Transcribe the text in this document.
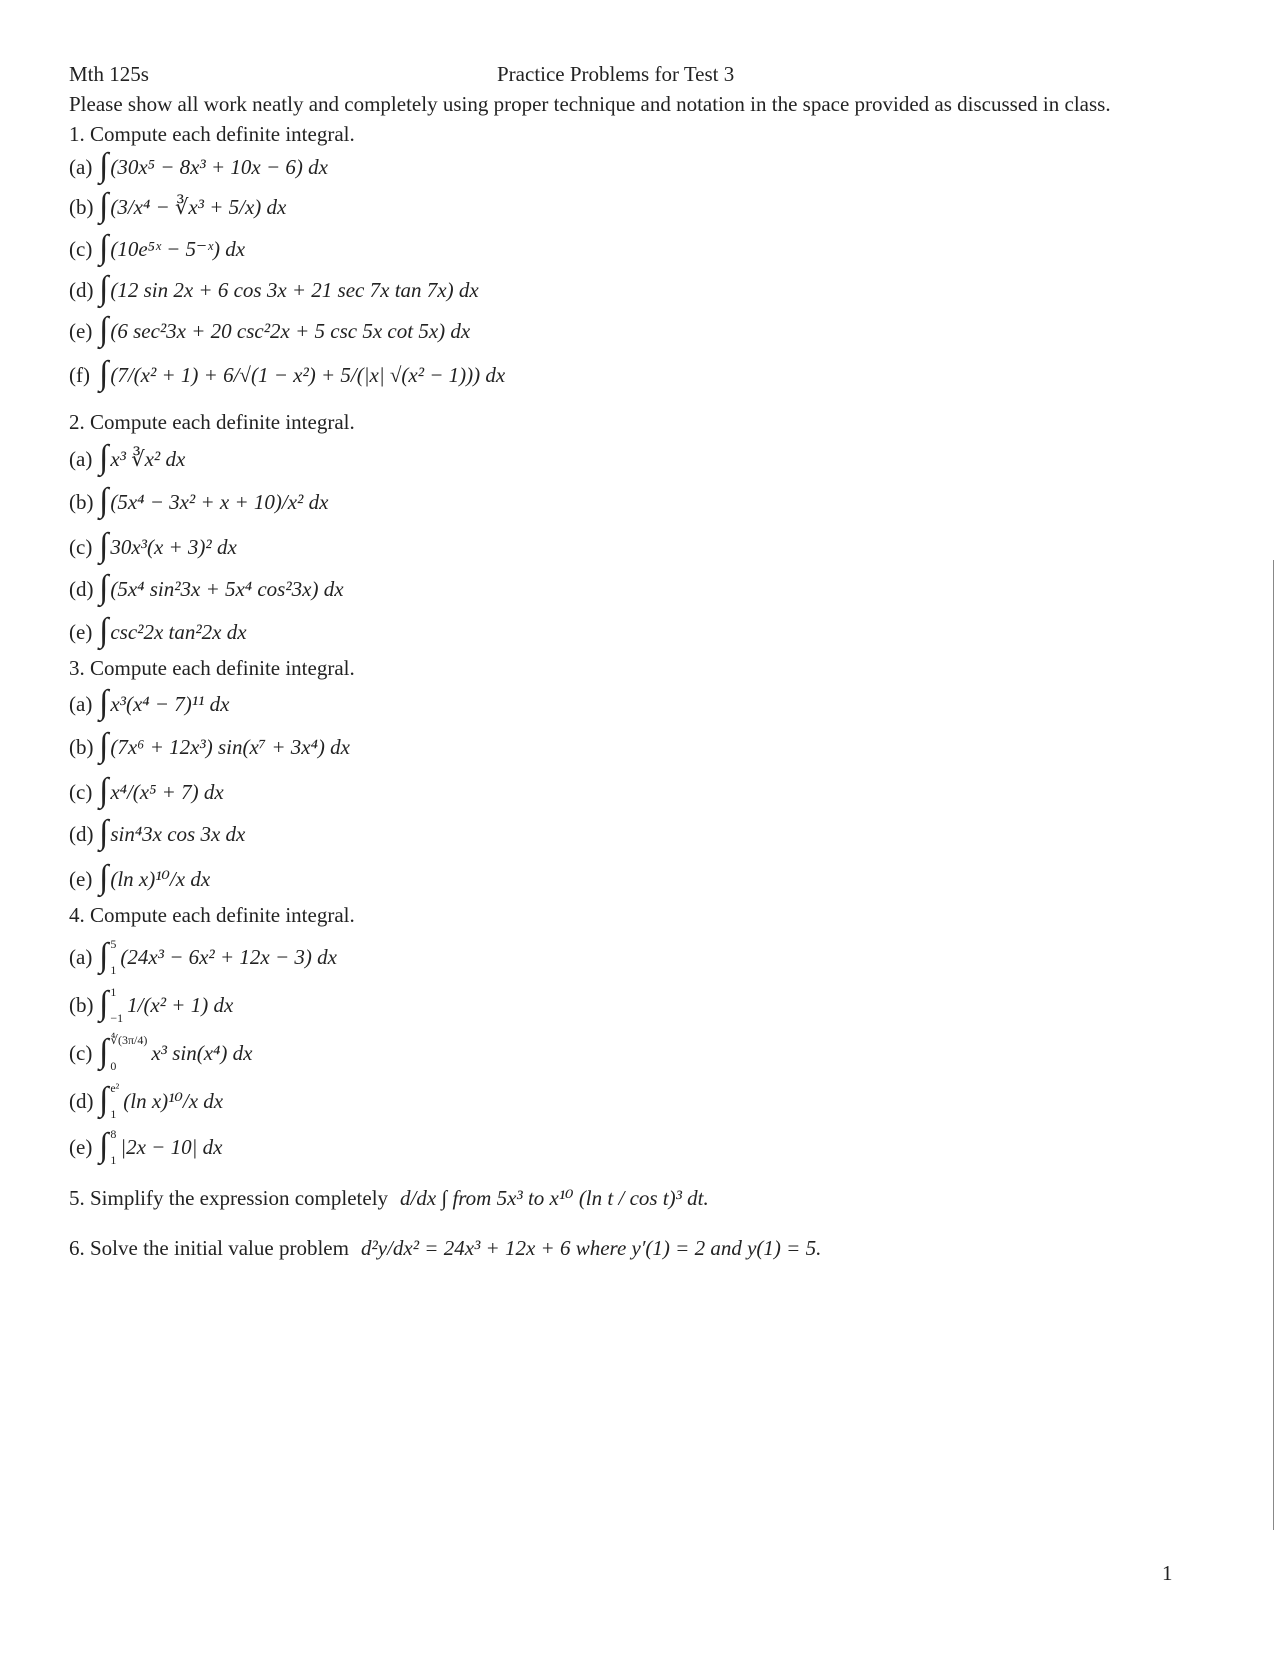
Mth 125s	Practice Problems for Test 3
Please show all work neatly and completely using proper technique and notation in the space provided as discussed in class.
1. Compute each definite integral.
(a) ∫ (30x⁵ − 8x³ + 10x − 6) dx
(b) ∫ (3/x⁴ − ∛x³ + 5/x) dx
(c) ∫ (10e⁵ˣ − 5⁻ˣ) dx
(d) ∫ (12 sin 2x + 6 cos 3x + 21 sec 7x tan 7x) dx
(e) ∫ (6 sec²3x + 20 csc²2x + 5 csc 5x cot 5x) dx
(f) ∫ (7/(x² + 1) + 6/√(1 − x²) + 5/(|x| √(x² − 1))) dx
2. Compute each definite integral.
(a) ∫ x³ ∛x² dx
(b) ∫ (5x⁴ − 3x² + x + 10)/x² dx
(c) ∫ 30x³(x + 3)² dx
(d) ∫ (5x⁴ sin²3x + 5x⁴ cos²3x) dx
(e) ∫ csc²2x tan²2x dx
3. Compute each definite integral.
(a) ∫ x³(x⁴ − 7)¹¹ dx
(b) ∫ (7x⁶ + 12x³) sin(x⁷ + 3x⁴) dx
(c) ∫ x⁴/(x⁵ + 7) dx
(d) ∫ sin⁴3x cos 3x dx
(e) ∫ (ln x)¹⁰/x dx
4. Compute each definite integral.
(a) ∫ 5
1
(24x³ − 6x² + 12x − 3) dx
(b) ∫ 1
−1
1/(x² + 1) dx
(c) ∫ ∜(3π/4)
0
x³ sin(x⁴) dx
(d) ∫ e²
1
(ln x)¹⁰/x dx
(e) ∫ 8
1
|2x − 10| dx
5. Simplify the expression completely d/dx ∫ from 5x³ to x¹⁰ (ln t / cos t)³ dt.
6. Solve the initial value problem d²y/dx² = 24x³ + 12x + 6 where y′(1) = 2 and y(1) = 5.
1
